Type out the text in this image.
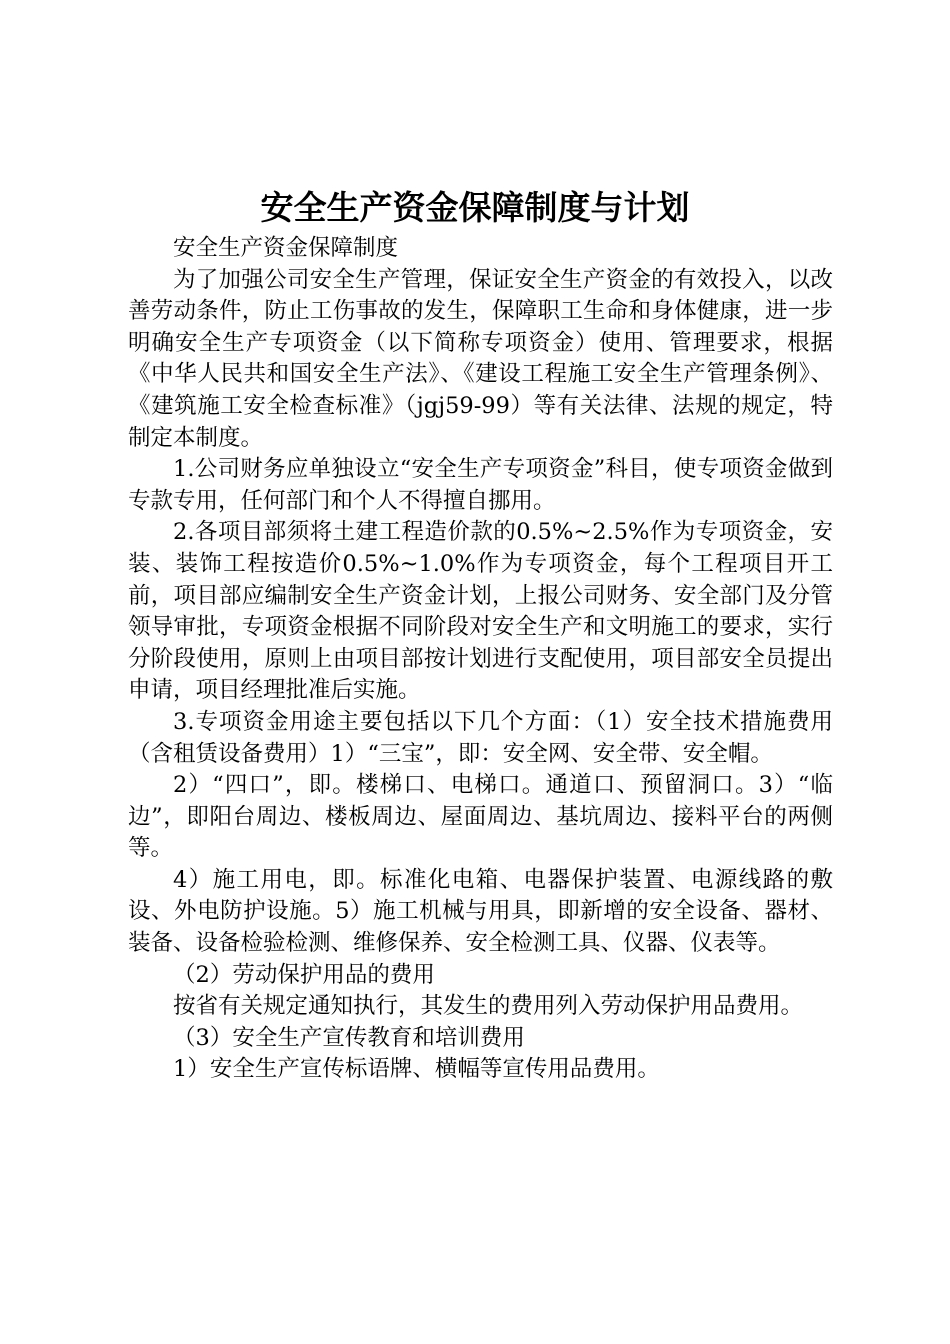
安全生产资金保障制度与计划

安全生产资金保障制度

为了加强公司安全生产管理，保证安全生产资金的有效投入，以改善劳动条件，防止工伤事故的发生，保障职工生命和身体健康，进一步明确安全生产专项资金（以下简称专项资金）使用、管理要求，根据《中华人民共和国安全生产法》、《建设工程施工安全生产管理条例》、《建筑施工安全检查标准》（jgj59-99）等有关法律、法规的规定，特制定本制度。

1.公司财务应单独设立“安全生产专项资金”科目，使专项资金做到专款专用，任何部门和个人不得擅自挪用。

2.各项目部须将土建工程造价款的0.5%~2.5%作为专项资金，安装、装饰工程按造价0.5%~1.0%作为专项资金，每个工程项目开工前，项目部应编制安全生产资金计划，上报公司财务、安全部门及分管领导审批，专项资金根据不同阶段对安全生产和文明施工的要求，实行分阶段使用，原则上由项目部按计划进行支配使用，项目部安全员提出申请，项目经理批准后实施。

3.专项资金用途主要包括以下几个方面：（1）安全技术措施费用（含租赁设备费用）1）“三宝”，即：安全网、安全带、安全帽。

2）“四口”，即。楼梯口、电梯口。通道口、预留洞口。3）“临边”，即阳台周边、楼板周边、屋面周边、基坑周边、接料平台的两侧等。

4）施工用电，即。标准化电箱、电器保护装置、电源线路的敷设、外电防护设施。5）施工机械与用具，即新增的安全设备、器材、装备、设备检验检测、维修保养、安全检测工具、仪器、仪表等。

（2）劳动保护用品的费用

按省有关规定通知执行，其发生的费用列入劳动保护用品费用。

（3）安全生产宣传教育和培训费用

1）安全生产宣传标语牌、横幅等宣传用品费用。
